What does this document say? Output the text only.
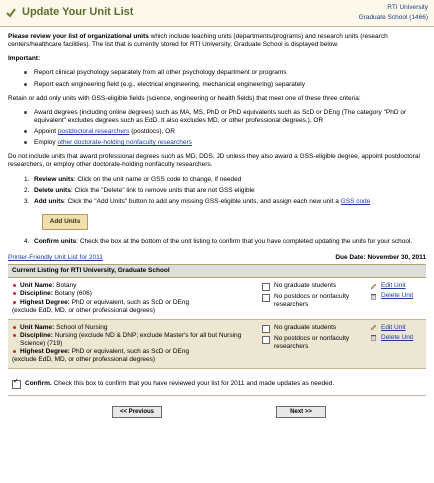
Update Your Unit List	RTI University
Graduate School (1466)

Please review your list of organizational units which include teaching units (departments/programs) and research units (research centers/healthcare facilities). The list that is currently stored for RTI University, Graduate School is displayed below.

Important:

Report clinical psychology separately from all other psychology department or programs
Report each engineering field (e.g., electrical engineering, mechanical engineering) separately

Retain or add only units with GSS-eligible fields (science, engineering or health fields) that meet one of these three criteria:

Award degrees (including online degrees) such as MA, MS, PhD or PhD equivalents such as ScD or DEng (The category "PhD or equivalent" excludes degrees such as EdD. It also excludes MD, or other professional degrees.), OR
Appoint postdoctoral researchers (postdocs), OR
Employ other doctorate-holding nonfaculty researchers

Do not include units that award professional degrees such as MD, DDS, JD unless they also award a GSS-eligible degree, appoint postdoctoral researchers, or employ other doctorate-holding nonfaculty researchers.

1. Review units: Click on the unit name or GSS code to change, if needed
2. Delete units: Click the "Delete" link to remove units that are not GSS eligible
3. Add units: Click the "Add Units" button to add any missing GSS-eligible units, and assign each new unit a GSS code
Add Units
4. Confirm units: Check the box at the bottom of the unit listing to confirm that you have completed updating the units for your school.
Printer-Friendly Unit List for 2011	Due Date: November 30, 2011
Current Listing for RTI University, Graduate School
Unit Name: Botany
Discipline: Botany (606)
Highest Degree: PhD or equivalent, such as ScD or DEng
(exclude EdD, MD, or other professional degrees)
No graduate students
No postdocs or nonfaculty researchers
Edit Unit
Delete Unit
Unit Name: School of Nursing
Discipline: Nursing (exclude ND & DNP; exclude Master's for all but Nursing Science) (719)
Highest Degree: PhD or equivalent, such as ScD or DEng
(exclude EdD, MD, or other professional degrees)
No graduate students
No postdocs or nonfaculty researchers
Edit Unit
Delete Unit
✓
Confirm. Check this box to confirm that you have reviewed your list for 2011 and made updates as needed.
<< Previous	Next >>
